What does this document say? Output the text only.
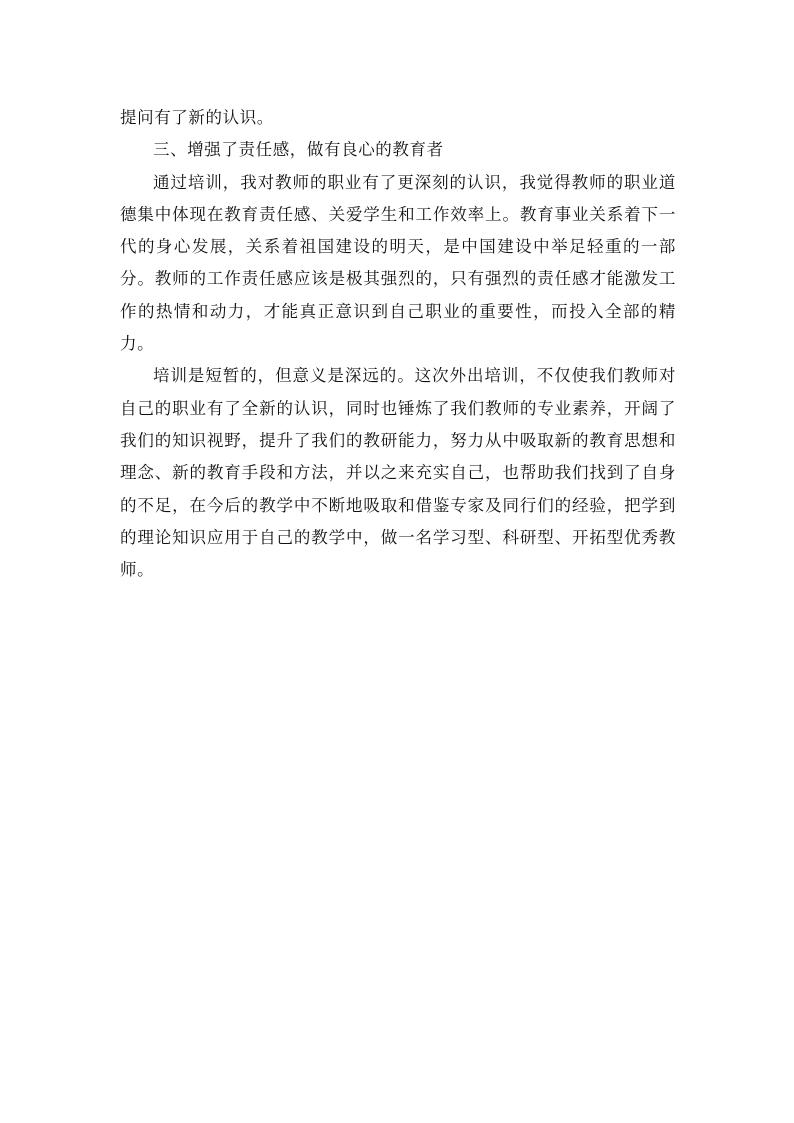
提问有了新的认识。

三、增强了责任感，做有良心的教育者

通过培训，我对教师的职业有了更深刻的认识，我觉得教师的职业道德集中体现在教育责任感、关爱学生和工作效率上。教育事业关系着下一代的身心发展，关系着祖国建设的明天，是中国建设中举足轻重的一部分。教师的工作责任感应该是极其强烈的，只有强烈的责任感才能激发工作的热情和动力，才能真正意识到自己职业的重要性，而投入全部的精力。

培训是短暂的，但意义是深远的。这次外出培训，不仅使我们教师对自己的职业有了全新的认识，同时也锤炼了我们教师的专业素养，开阔了我们的知识视野，提升了我们的教研能力，努力从中吸取新的教育思想和理念、新的教育手段和方法，并以之来充实自己，也帮助我们找到了自身的不足，在今后的教学中不断地吸取和借鉴专家及同行们的经验，把学到的理论知识应用于自己的教学中，做一名学习型、科研型、开拓型优秀教师。
